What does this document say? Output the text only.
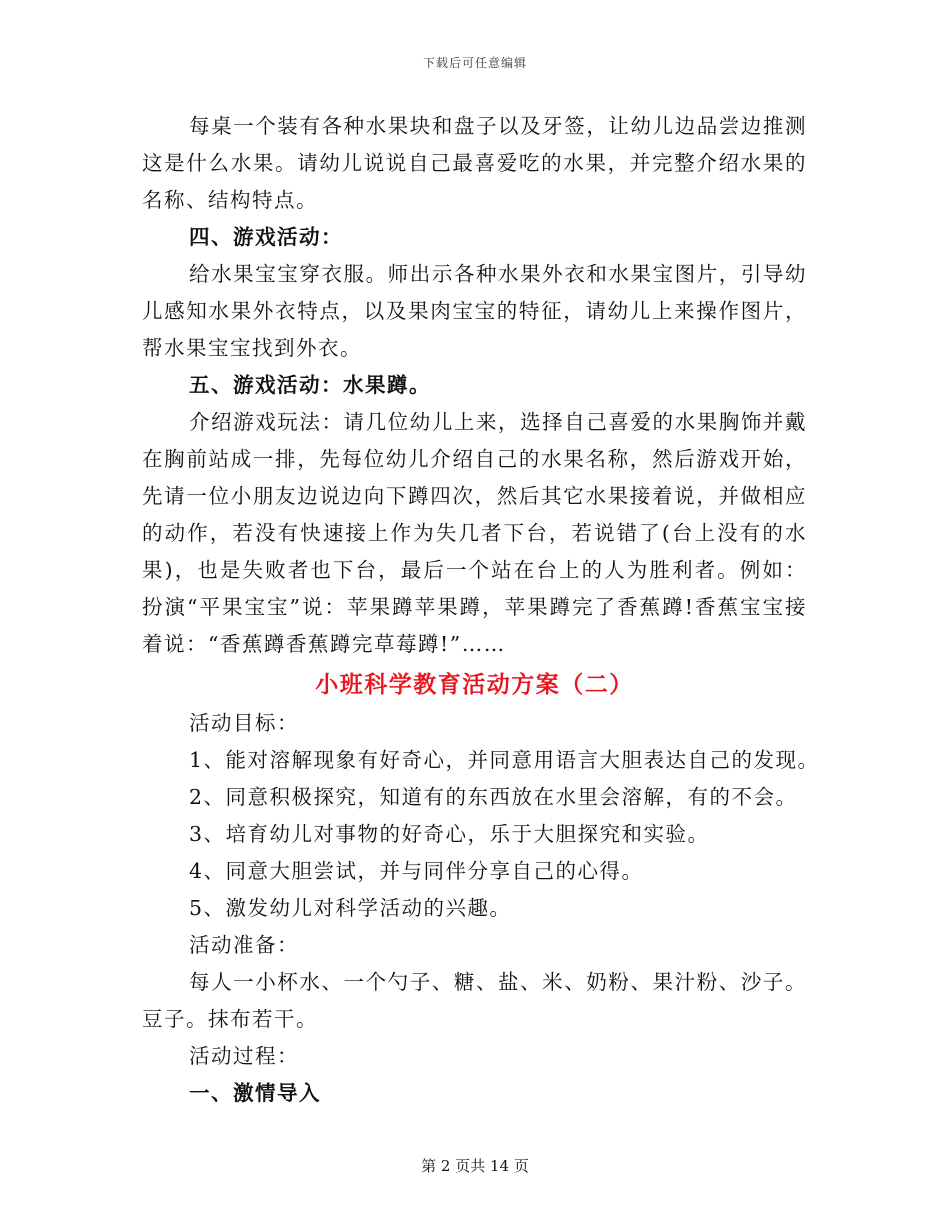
下载后可任意编辑

每桌一个装有各种水果块和盘子以及牙签，让幼儿边品尝边推测这是什么水果。请幼儿说说自己最喜爱吃的水果，并完整介绍水果的名称、结构特点。

四、游戏活动：

给水果宝宝穿衣服。师出示各种水果外衣和水果宝图片，引导幼儿感知水果外衣特点，以及果肉宝宝的特征，请幼儿上来操作图片，帮水果宝宝找到外衣。

五、游戏活动：水果蹲。

介绍游戏玩法：请几位幼儿上来，选择自己喜爱的水果胸饰并戴在胸前站成一排，先每位幼儿介绍自己的水果名称，然后游戏开始，先请一位小朋友边说边向下蹲四次，然后其它水果接着说，并做相应的动作，若没有快速接上作为失几者下台，若说错了(台上没有的水果)，也是失败者也下台，最后一个站在台上的人为胜利者。例如：扮演“平果宝宝”说：苹果蹲苹果蹲，苹果蹲完了香蕉蹲!香蕉宝宝接着说：“香蕉蹲香蕉蹲完草莓蹲!”……

小班科学教育活动方案（二）

活动目标：

1、能对溶解现象有好奇心，并同意用语言大胆表达自己的发现。

2、同意积极探究，知道有的东西放在水里会溶解，有的不会。

3、培育幼儿对事物的好奇心，乐于大胆探究和实验。

4、同意大胆尝试，并与同伴分享自己的心得。

5、激发幼儿对科学活动的兴趣。

活动准备：

每人一小杯水、一个勺子、糖、盐、米、奶粉、果汁粉、沙子。豆子。抹布若干。

活动过程：

一、激情导入

第 2 页共 14 页
